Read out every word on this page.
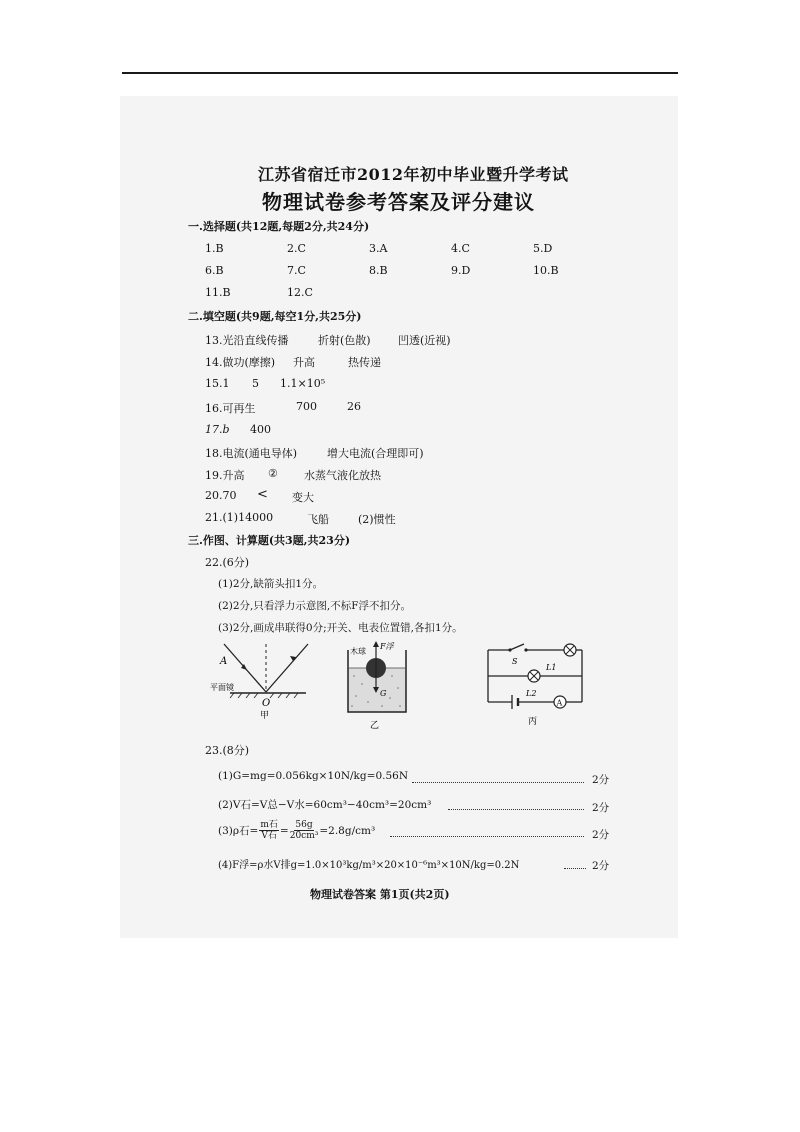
江苏省宿迁市2012年初中毕业暨升学考试
物理试卷参考答案及评分建议
一.选择题(共12题,每题2分,共24分)
1.B	2.C	3.A	4.C	5.D
6.B	7.C	8.B	9.D	10.B
11.B	12.C
二.填空题(共9题,每空1分,共25分)
13.光沿直线传播	折射(色散) 凹透(近视)
14.做功(摩擦) 升高	热传递
15.1 5 1.1×10⁵
16.可再生	700	26
17.b 400
18.电流(通电导体)	增大电流(合理即可)
19.升高 ② 水蒸气液化放热
20.70 < 变大
21.(1)14000	飞船	(2)惯性
三.作图、计算题(共3题,共23分)
22.(6分)
(1)2分,缺箭头扣1分。
(2)2分,只看浮力示意图,不标F浮不扣分。
(3)2分,画成串联得0分;开关、电表位置错,各扣1分。
A
平面镜
O
甲
F浮
木球
G
乙
A
S
L1
L2
丙
23.(8分)
(1)G=mg=0.056kg×10N/kg=0.56N	2分
(2)V石=V总−V水=60cm³−40cm³=20cm³	2分
(3)ρ石= $\frac{\text{m石}}{\text{V石}} = \frac{56g}{\text{20cm³}} =2.8g/cm^3$	2分
(4)F浮=ρ水V排g=1.0×10³kg/m³×20×10⁻⁶m³×10N/kg=0.2N	2分
物理试卷答案 第1页(共2页)
